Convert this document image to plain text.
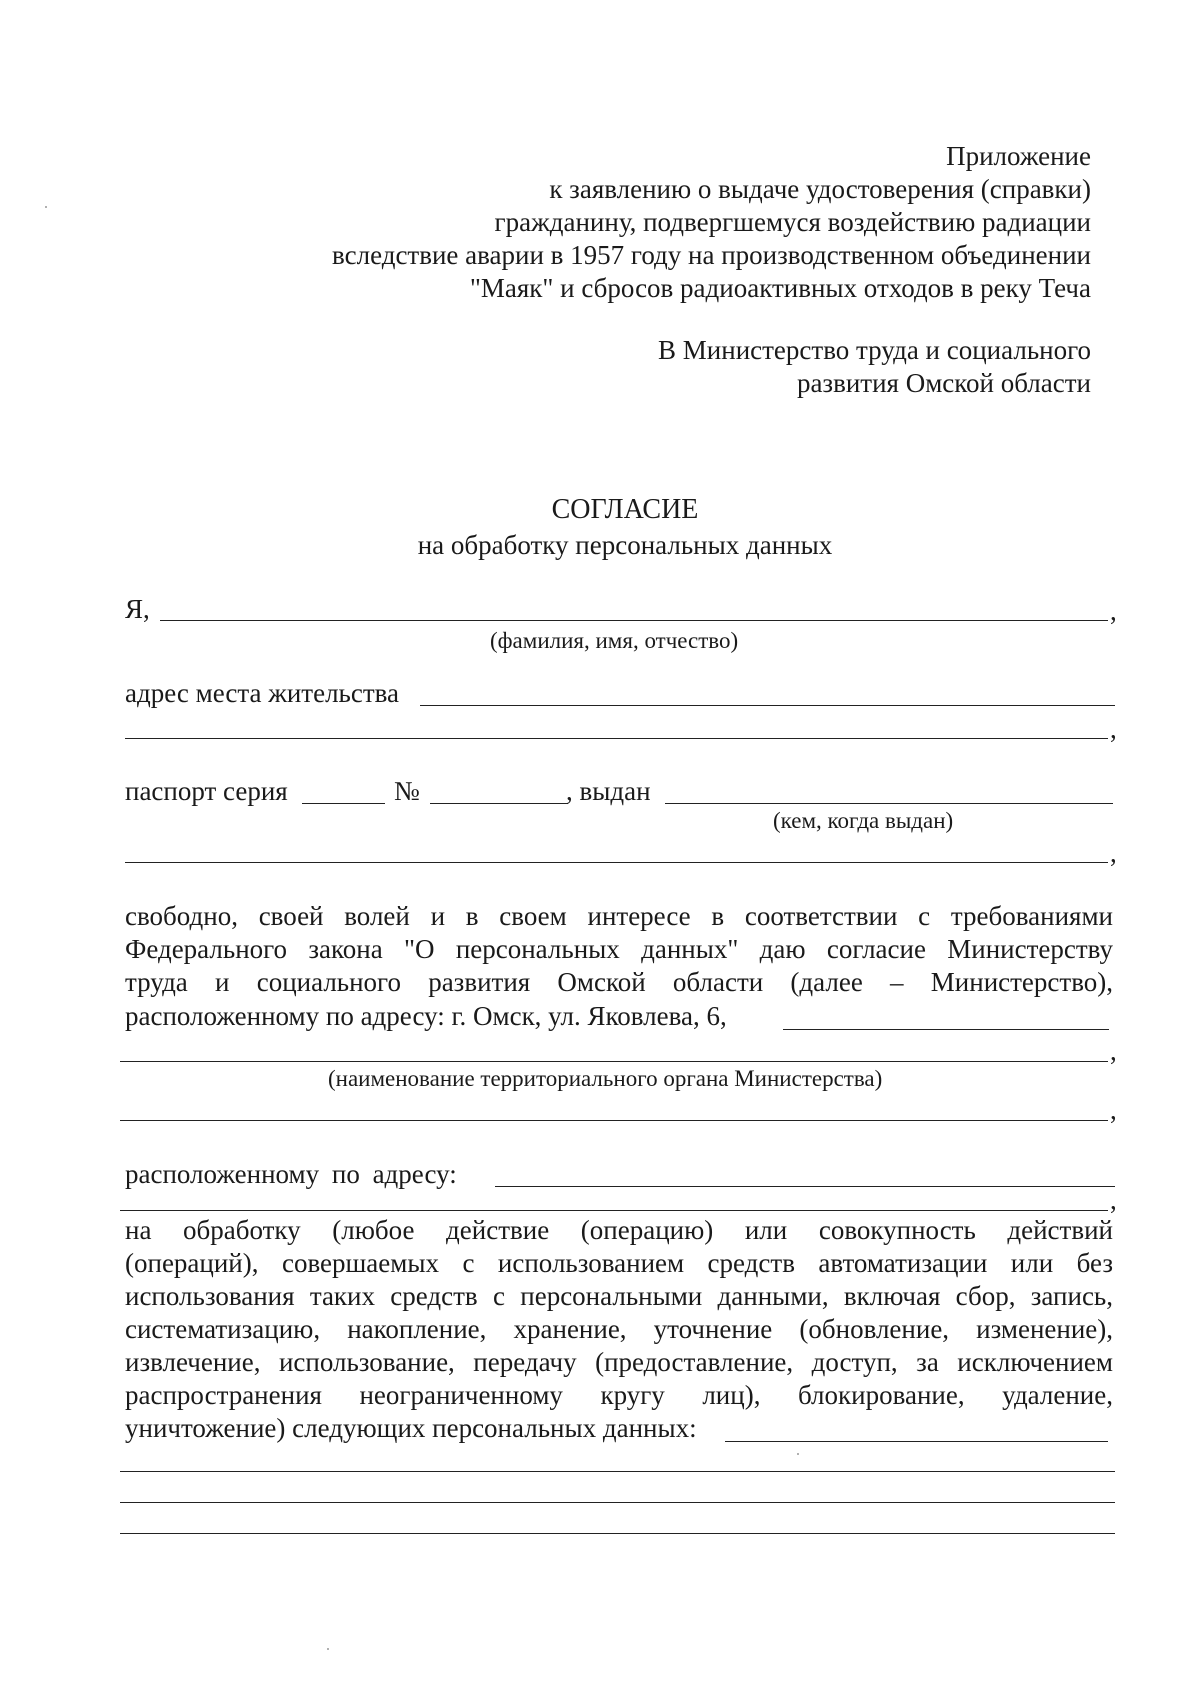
Приложение
к заявлению о выдаче удостоверения (справки)
гражданину, подвергшемуся воздействию радиации
вследствие аварии в 1957 году на производственном объединении
"Маяк" и сбросов радиоактивных отходов в реку Теча
В Министерство труда и социального
развития Омской области
СОГЛАСИЕ
на обработку персональных данных
Я,	,
(фамилия, имя, отчество)
адрес места жительства
,
паспорт серия	№	, выдан
(кем, когда выдан)
,
свободно, своей волей и в своем интересе в соответствии с требованиями
Федерального закона "О персональных данных" даю согласие Министерству
труда и социального развития Омской области (далее – Министерство),
расположенному по адресу: г. Омск, ул. Яковлева, 6,
,
(наименование территориального органа Министерства)
,
расположенному по адресу:
,
на обработку (любое действие (операцию) или совокупность действий
(операций), совершаемых с использованием средств автоматизации или без
использования таких средств с персональными данными, включая сбор, запись,
систематизацию, накопление, хранение, уточнение (обновление, изменение),
извлечение, использование, передачу (предоставление, доступ, за исключением
распространения неограниченному кругу лиц), блокирование, удаление,
уничтожение) следующих персональных данных:
